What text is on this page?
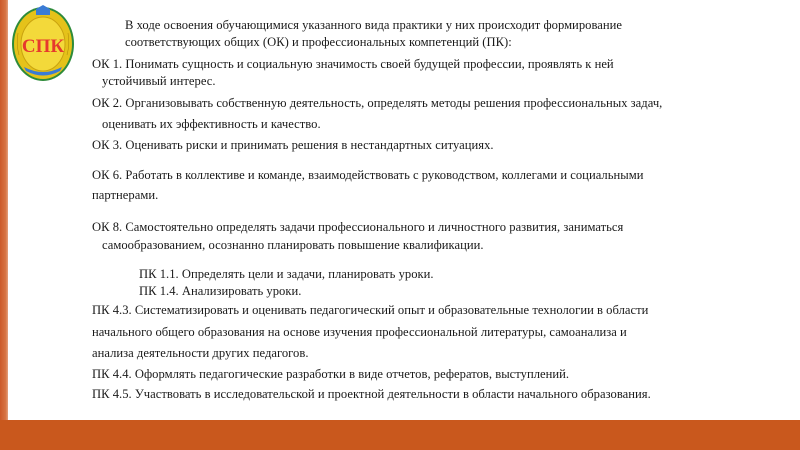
СПК
В ходе освоения обучающимися указанного вида практики у них происходит формирование
соответствующих общих (ОК) и профессиональных компетенций (ПК):
ОК 1. Понимать сущность и социальную значимость своей будущей профессии, проявлять к ней
устойчивый интерес.
ОК 2. Организовывать собственную деятельность, определять методы решения профессиональных задач,
оценивать их эффективность и качество.
ОК 3. Оценивать риски и принимать решения в нестандартных ситуациях.
ОК 6. Работать в коллективе и команде, взаимодействовать с руководством, коллегами и социальными
партнерами.
ОК 8. Самостоятельно определять задачи профессионального и личностного развития, заниматься
самообразованием, осознанно планировать повышение квалификации.
ПК 1.1. Определять цели и задачи, планировать уроки.
ПК 1.4. Анализировать уроки.
ПК 4.3. Систематизировать и оценивать педагогический опыт и образовательные технологии в области
начального общего образования на основе изучения профессиональной литературы, самоанализа и
анализа деятельности других педагогов.
ПК 4.4. Оформлять педагогические разработки в виде отчетов, рефератов, выступлений.
ПК 4.5. Участвовать в исследовательской и проектной деятельности в области начального образования.
